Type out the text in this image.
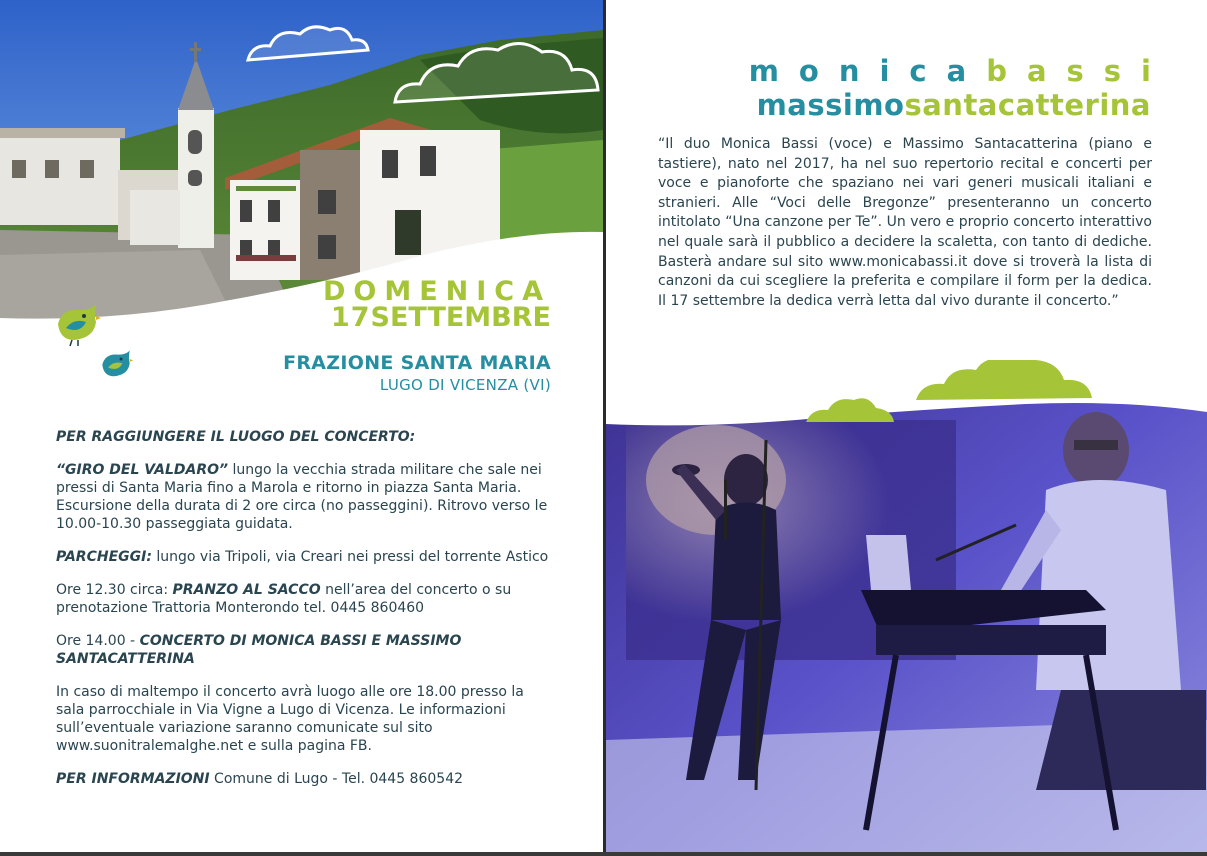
DOMENICA
17SETTEMBRE
FRAZIONE SANTA MARIA
LUGO DI VICENZA (VI)

PER RAGGIUNGERE IL LUOGO DEL CONCERTO:

“GIRO DEL VALDARO” lungo la vecchia strada militare che sale nei pressi di Santa Maria fino a Marola e ritorno in piazza Santa Maria. Escursione della durata di 2 ore circa (no passeggini). Ritrovo verso le 10.00-10.30 passeggiata guidata.

PARCHEGGI: lungo via Tripoli, via Creari nei pressi del torrente Astico

Ore 12.30 circa: PRANZO AL SACCO nell’area del concerto o su prenotazione Trattoria Monterondo tel. 0445 860460

Ore 14.00 - CONCERTO DI MONICA BASSI E MASSIMO SANTACATTERINA

In caso di maltempo il concerto avrà luogo alle ore 18.00 presso la sala parrocchiale in Via Vigne a Lugo di Vicenza. Le informazioni sull’eventuale variazione saranno comunicate sul sito www.suonitralemalghe.net e sulla pagina FB.

PER INFORMAZIONI Comune di Lugo - Tel. 0445 860542

monicabassi
massimosantacatterina
“Il duo Monica Bassi (voce) e Massimo Santacatterina (piano e tastiere), nato nel 2017, ha nel suo repertorio recital e concerti per voce e pianoforte che spaziano nei vari generi musicali italiani e stranieri. Alle “Voci delle Bregonze” presenteranno un concerto intitolato “Una canzone per Te”. Un vero e proprio concerto interattivo nel quale sarà il pubblico a decidere la scaletta, con tanto di dediche. Basterà andare sul sito www.monicabassi.it dove si troverà la lista di canzoni da cui scegliere la preferita e compilare il form per la dedica. Il 17 settembre la dedica verrà letta dal vivo durante il concerto.”
